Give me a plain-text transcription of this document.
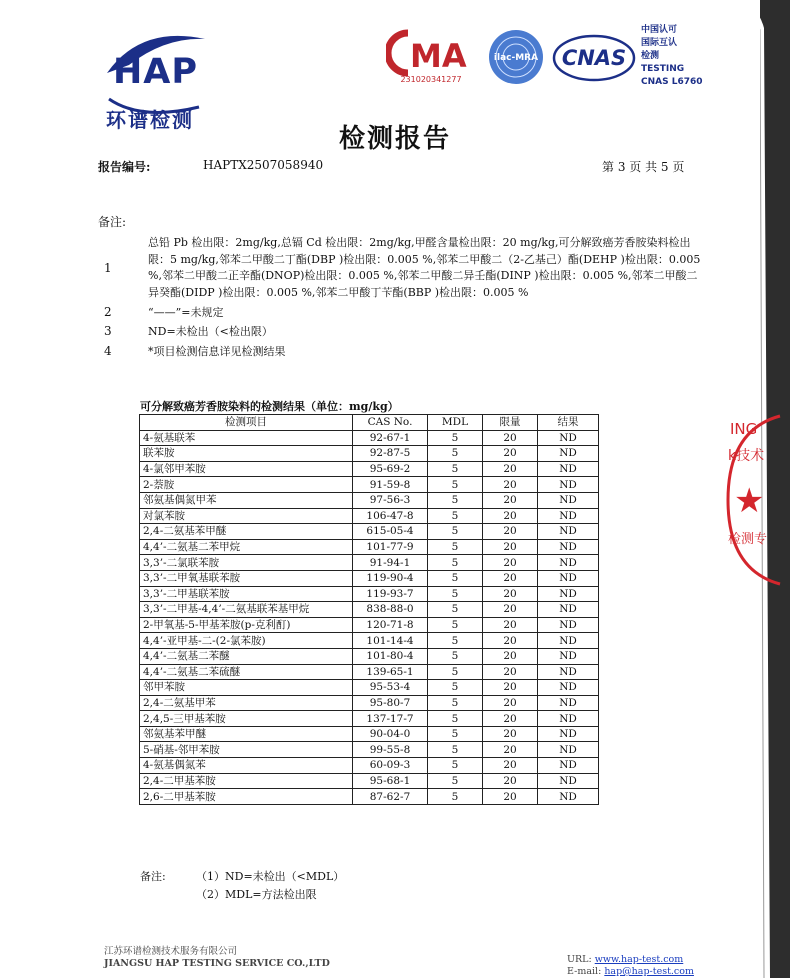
HAP
环谱检测
MA
231020341277
ilac-MRA CNAS
中国认可
国际互认
检测
TESTING
CNAS L6760
检测报告
报告编号:	HAPTX2507058940	第 3 页 共 5 页
备注:
1
总铅 Pb 检出限：2mg/kg,总镉 Cd 检出限：2mg/kg,甲醛含量检出限：20 mg/kg,可分解致癌芳香胺染料检出限：5 mg/kg,邻苯二甲酸二丁酯(DBP )检出限：0.005 %,邻苯二甲酸二（2-乙基己）酯(DEHP )检出限：0.005 %,邻苯二甲酸二正辛酯(DNOP)检出限：0.005 %,邻苯二甲酸二异壬酯(DINP )检出限：0.005 %,邻苯二甲酸二异癸酯(DIDP )检出限：0.005 %,邻苯二甲酸丁苄酯(BBP )检出限：0.005 %
2	“——”=未规定
3	ND=未检出（<检出限）
4	*项目检测信息详见检测结果
可分解致癌芳香胺染料的检测结果（单位：mg/kg）
检测项目	CAS No.	MDL	限量	结果
4-氨基联苯	92-67-1	5	20	ND
联苯胺	92-87-5	5	20	ND
4-氯邻甲苯胺	95-69-2	5	20	ND
2-萘胺	91-59-8	5	20	ND
邻氨基偶氮甲苯	97-56-3	5	20	ND
对氯苯胺	106-47-8	5	20	ND
2,4-二氨基苯甲醚	615-05-4	5	20	ND
4,4’-二氨基二苯甲烷	101-77-9	5	20	ND
3,3’-二氯联苯胺	91-94-1	5	20	ND
3,3’-二甲氧基联苯胺	119-90-4	5	20	ND
3,3’-二甲基联苯胺	119-93-7	5	20	ND
3,3’-二甲基-4,4’-二氨基联苯基甲烷	838-88-0	5	20	ND
2-甲氧基-5-甲基苯胺(p-克利酊)	120-71-8	5	20	ND
4,4’-亚甲基-二-(2-氯苯胺)	101-14-4	5	20	ND
4,4’-二氨基二苯醚	101-80-4	5	20	ND
4,4’-二氨基二苯硫醚	139-65-1	5	20	ND
邻甲苯胺	95-53-4	5	20	ND
2,4-二氨基甲苯	95-80-7	5	20	ND
2,4,5-三甲基苯胺	137-17-7	5	20	ND
邻氨基苯甲醚	90-04-0	5	20	ND
5-硝基-邻甲苯胺	99-55-8	5	20	ND
4-氨基偶氮苯	60-09-3	5	20	ND
2,4-二甲基苯胺	95-68-1	5	20	ND
2,6-二甲基苯胺	87-62-7	5	20	ND
备注:	（1）ND=未检出（<MDL）
（2）MDL=方法检出限
江苏环谱检测技术服务有限公司
JIANGSU HAP TESTING SERVICE CO.,LTD	URL: www.hap-test.com
E-mail: hap@hap-test.com
ING
k技术
★
检测专
